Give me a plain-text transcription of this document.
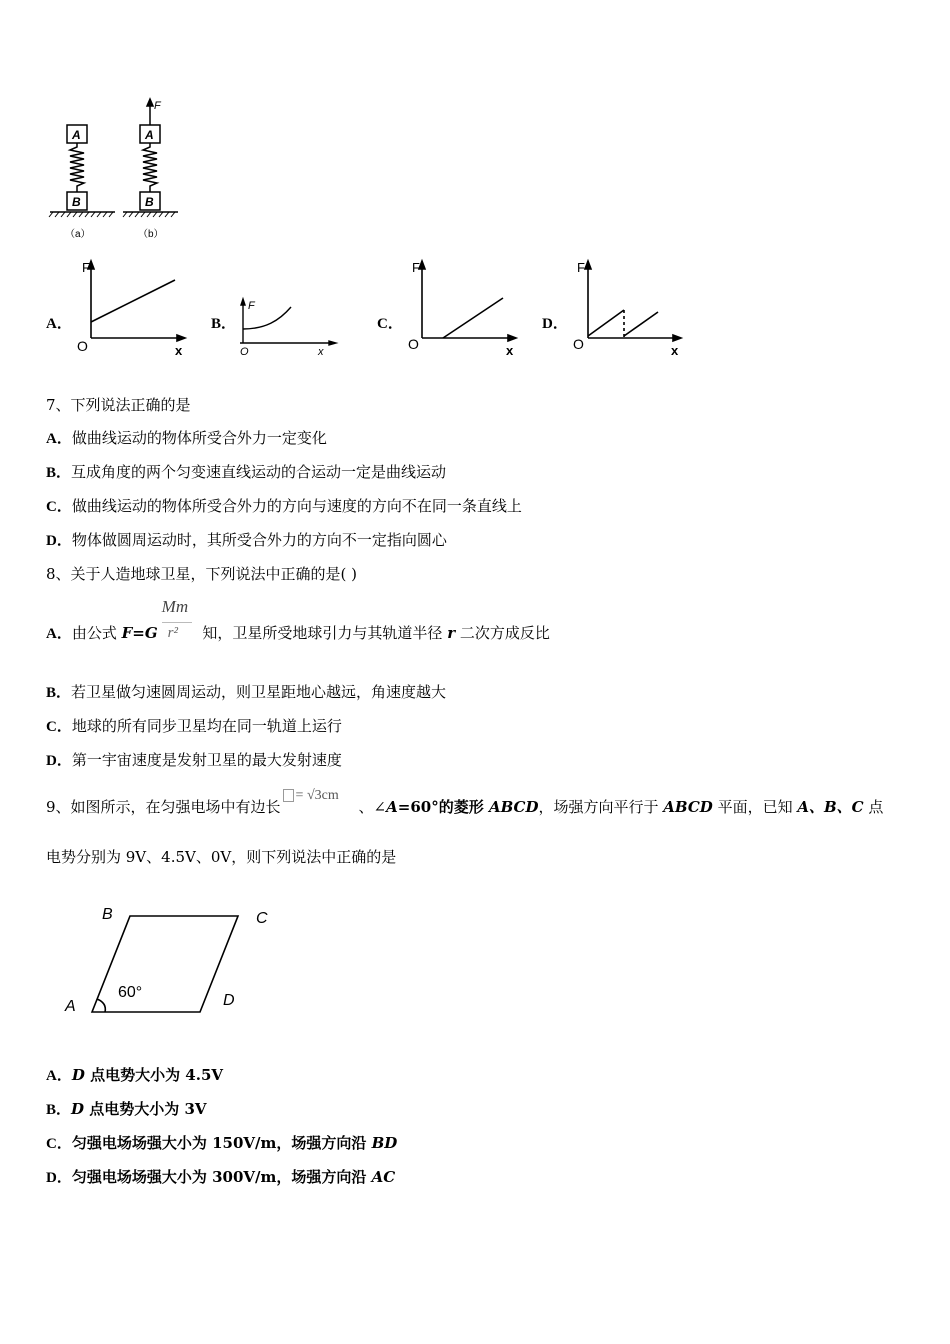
A
B
（a）
F
A
B
（b）
A．
F
O	x
B．
F
O	x
C．
F
O	x
D．
F
O	x
7、下列说法正确的是
A．做曲线运动的物体所受合外力一定变化
B．互成角度的两个匀变速直线运动的合运动一定是曲线运动
C．做曲线运动的物体所受合外力的方向与速度的方向不在同一条直线上
D．物体做圆周运动时，其所受合外力的方向不一定指向圆心
8、关于人造地球卫星，下列说法中正确的是( )
A．由公式 $F=G \frac{Mm}{\text{r²}}$ 知，卫星所受地球引力与其轨道半径 r 二次方成反比
B．若卫星做匀速圆周运动，则卫星距地心越远，角速度越大
C．地球的所有同步卫星均在同一轨道上运行
D．第一宇宙速度是发射卫星的最大发射速度
9、如图所示，在匀强电场中有边长
= √3cm
、∠A=60°的菱形 ABCD，场强方向平行于 ABCD 平面，已知 A、B、C 点
电势分别为 9V、4.5V、0V，则下列说法中正确的是
B	C
A	D
60°
A．D 点电势大小为 4.5V
B．D 点电势大小为 3V
C．匀强电场场强大小为 150V/m，场强方向沿 BD
D．匀强电场场强大小为 300V/m，场强方向沿 AC
